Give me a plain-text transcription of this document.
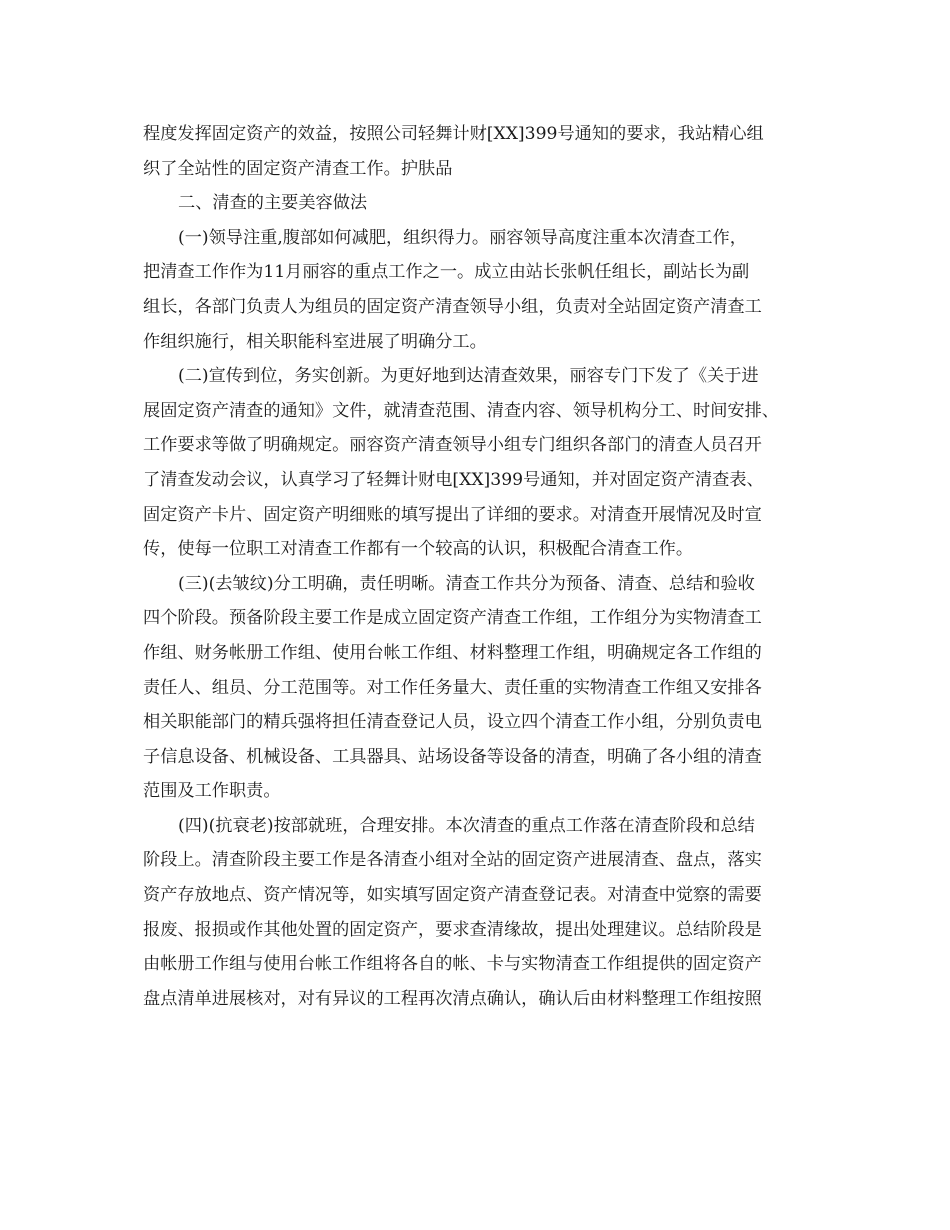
程度发挥固定资产的效益，按照公司轻舞计财[XX]399号通知的要求，我站精心组
织了全站性的固定资产清查工作。护肤品
二、清查的主要美容做法
(一)领导注重,腹部如何减肥，组织得力。丽容领导高度注重本次清查工作，
把清查工作作为11月丽容的重点工作之一。成立由站长张帆任组长，副站长为副
组长，各部门负责人为组员的固定资产清查领导小组，负责对全站固定资产清查工
作组织施行，相关职能科室进展了明确分工。
(二)宣传到位，务实创新。为更好地到达清查效果，丽容专门下发了《关于进
展固定资产清查的通知》文件，就清查范围、清查内容、领导机构分工、时间安排、
工作要求等做了明确规定。丽容资产清查领导小组专门组织各部门的清查人员召开
了清查发动会议，认真学习了轻舞计财电[XX]399号通知，并对固定资产清查表、
固定资产卡片、固定资产明细账的填写提出了详细的要求。对清查开展情况及时宣
传，使每一位职工对清查工作都有一个较高的认识，积极配合清查工作。
(三)(去皱纹)分工明确，责任明晰。清查工作共分为预备、清查、总结和验收
四个阶段。预备阶段主要工作是成立固定资产清查工作组，工作组分为实物清查工
作组、财务帐册工作组、使用台帐工作组、材料整理工作组，明确规定各工作组的
责任人、组员、分工范围等。对工作任务量大、责任重的实物清查工作组又安排各
相关职能部门的精兵强将担任清查登记人员，设立四个清查工作小组，分别负责电
子信息设备、机械设备、工具器具、站场设备等设备的清查，明确了各小组的清查
范围及工作职责。
(四)(抗衰老)按部就班，合理安排。本次清查的重点工作落在清查阶段和总结
阶段上。清查阶段主要工作是各清查小组对全站的固定资产进展清查、盘点，落实
资产存放地点、资产情况等，如实填写固定资产清查登记表。对清查中觉察的需要
报废、报损或作其他处置的固定资产，要求查清缘故，提出处理建议。总结阶段是
由帐册工作组与使用台帐工作组将各自的帐、卡与实物清查工作组提供的固定资产
盘点清单进展核对，对有异议的工程再次清点确认，确认后由材料整理工作组按照
